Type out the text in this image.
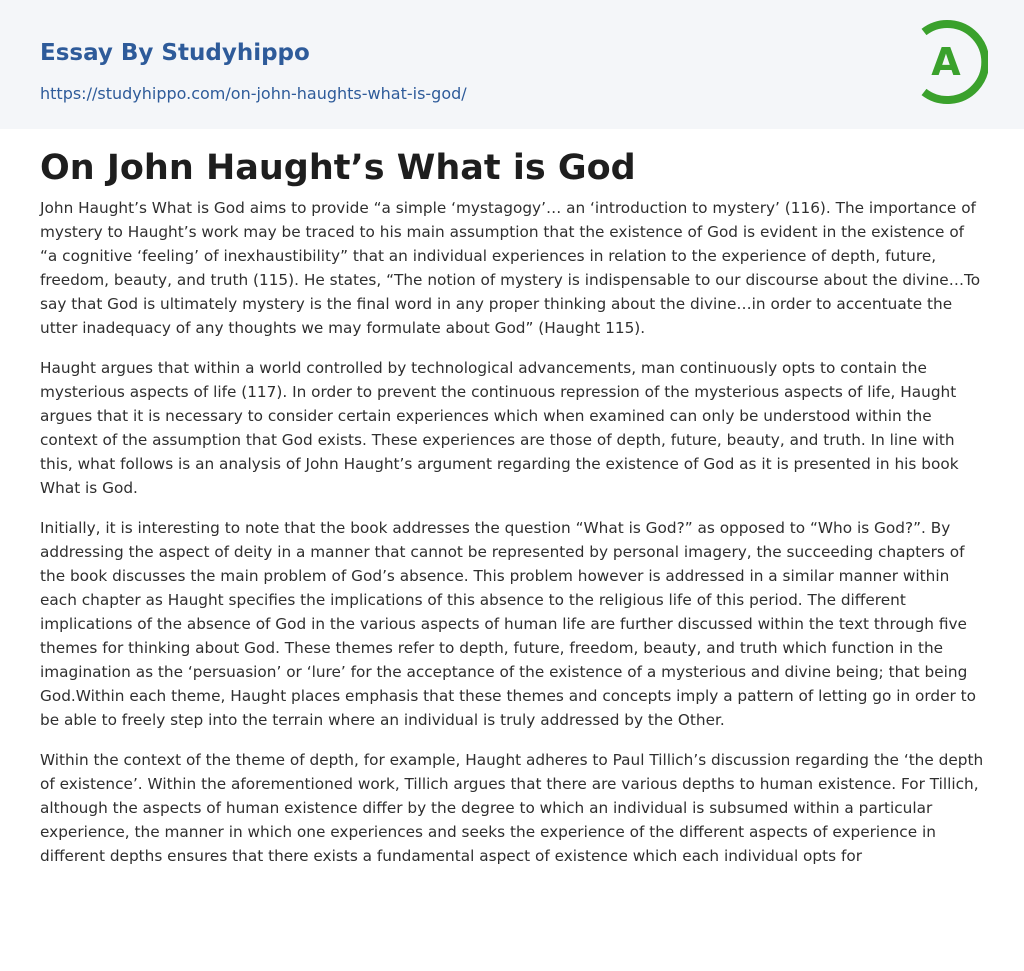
Essay By Studyhippo
https://studyhippo.com/on-john-haughts-what-is-god/
A
On John Haught’s What is God

John Haught’s What is God aims to provide “a simple ‘mystagogy’… an ‘introduction to mystery’ (116). The importance of mystery to Haught’s work may be traced to his main assumption that the existence of God is evident in the existence of “a cognitive ‘feeling’ of inexhaustibility” that an individual experiences in relation to the experience of depth, future, freedom, beauty, and truth (115). He states, “The notion of mystery is indispensable to our discourse about the divine…To say that God is ultimately mystery is the final word in any proper thinking about the divine…in order to accentuate the utter inadequacy of any thoughts we may formulate about God” (Haught 115).

Haught argues that within a world controlled by technological advancements, man continuously opts to contain the mysterious aspects of life (117). In order to prevent the continuous repression of the mysterious aspects of life, Haught argues that it is necessary to consider certain experiences which when examined can only be understood within the context of the assumption that God exists. These experiences are those of depth, future, beauty, and truth. In line with this, what follows is an analysis of John Haught’s argument regarding the existence of God as it is presented in his book What is God.

Initially, it is interesting to note that the book addresses the question “What is God?” as opposed to “Who is God?”. By addressing the aspect of deity in a manner that cannot be represented by personal imagery, the succeeding chapters of the book discusses the main problem of God’s absence. This problem however is addressed in a similar manner within each chapter as Haught specifies the implications of this absence to the religious life of this period. The different implications of the absence of God in the various aspects of human life are further discussed within the text through five themes for thinking about God. These themes refer to depth, future, freedom, beauty, and truth which function in the imagination as the ‘persuasion’ or ‘lure’ for the acceptance of the existence of a mysterious and divine being; that being God.Within each theme, Haught places emphasis that these themes and concepts imply a pattern of letting go in order to be able to freely step into the terrain where an individual is truly addressed by the Other.

Within the context of the theme of depth, for example, Haught adheres to Paul Tillich’s discussion regarding the ‘the depth of existence’. Within the aforementioned work, Tillich argues that there are various depths to human existence. For Tillich, although the aspects of human existence differ by the degree to which an individual is subsumed within a particular experience, the manner in which one experiences and seeks the experience of the different aspects of experience in different depths ensures that there exists a fundamental aspect of existence which each individual opts for
